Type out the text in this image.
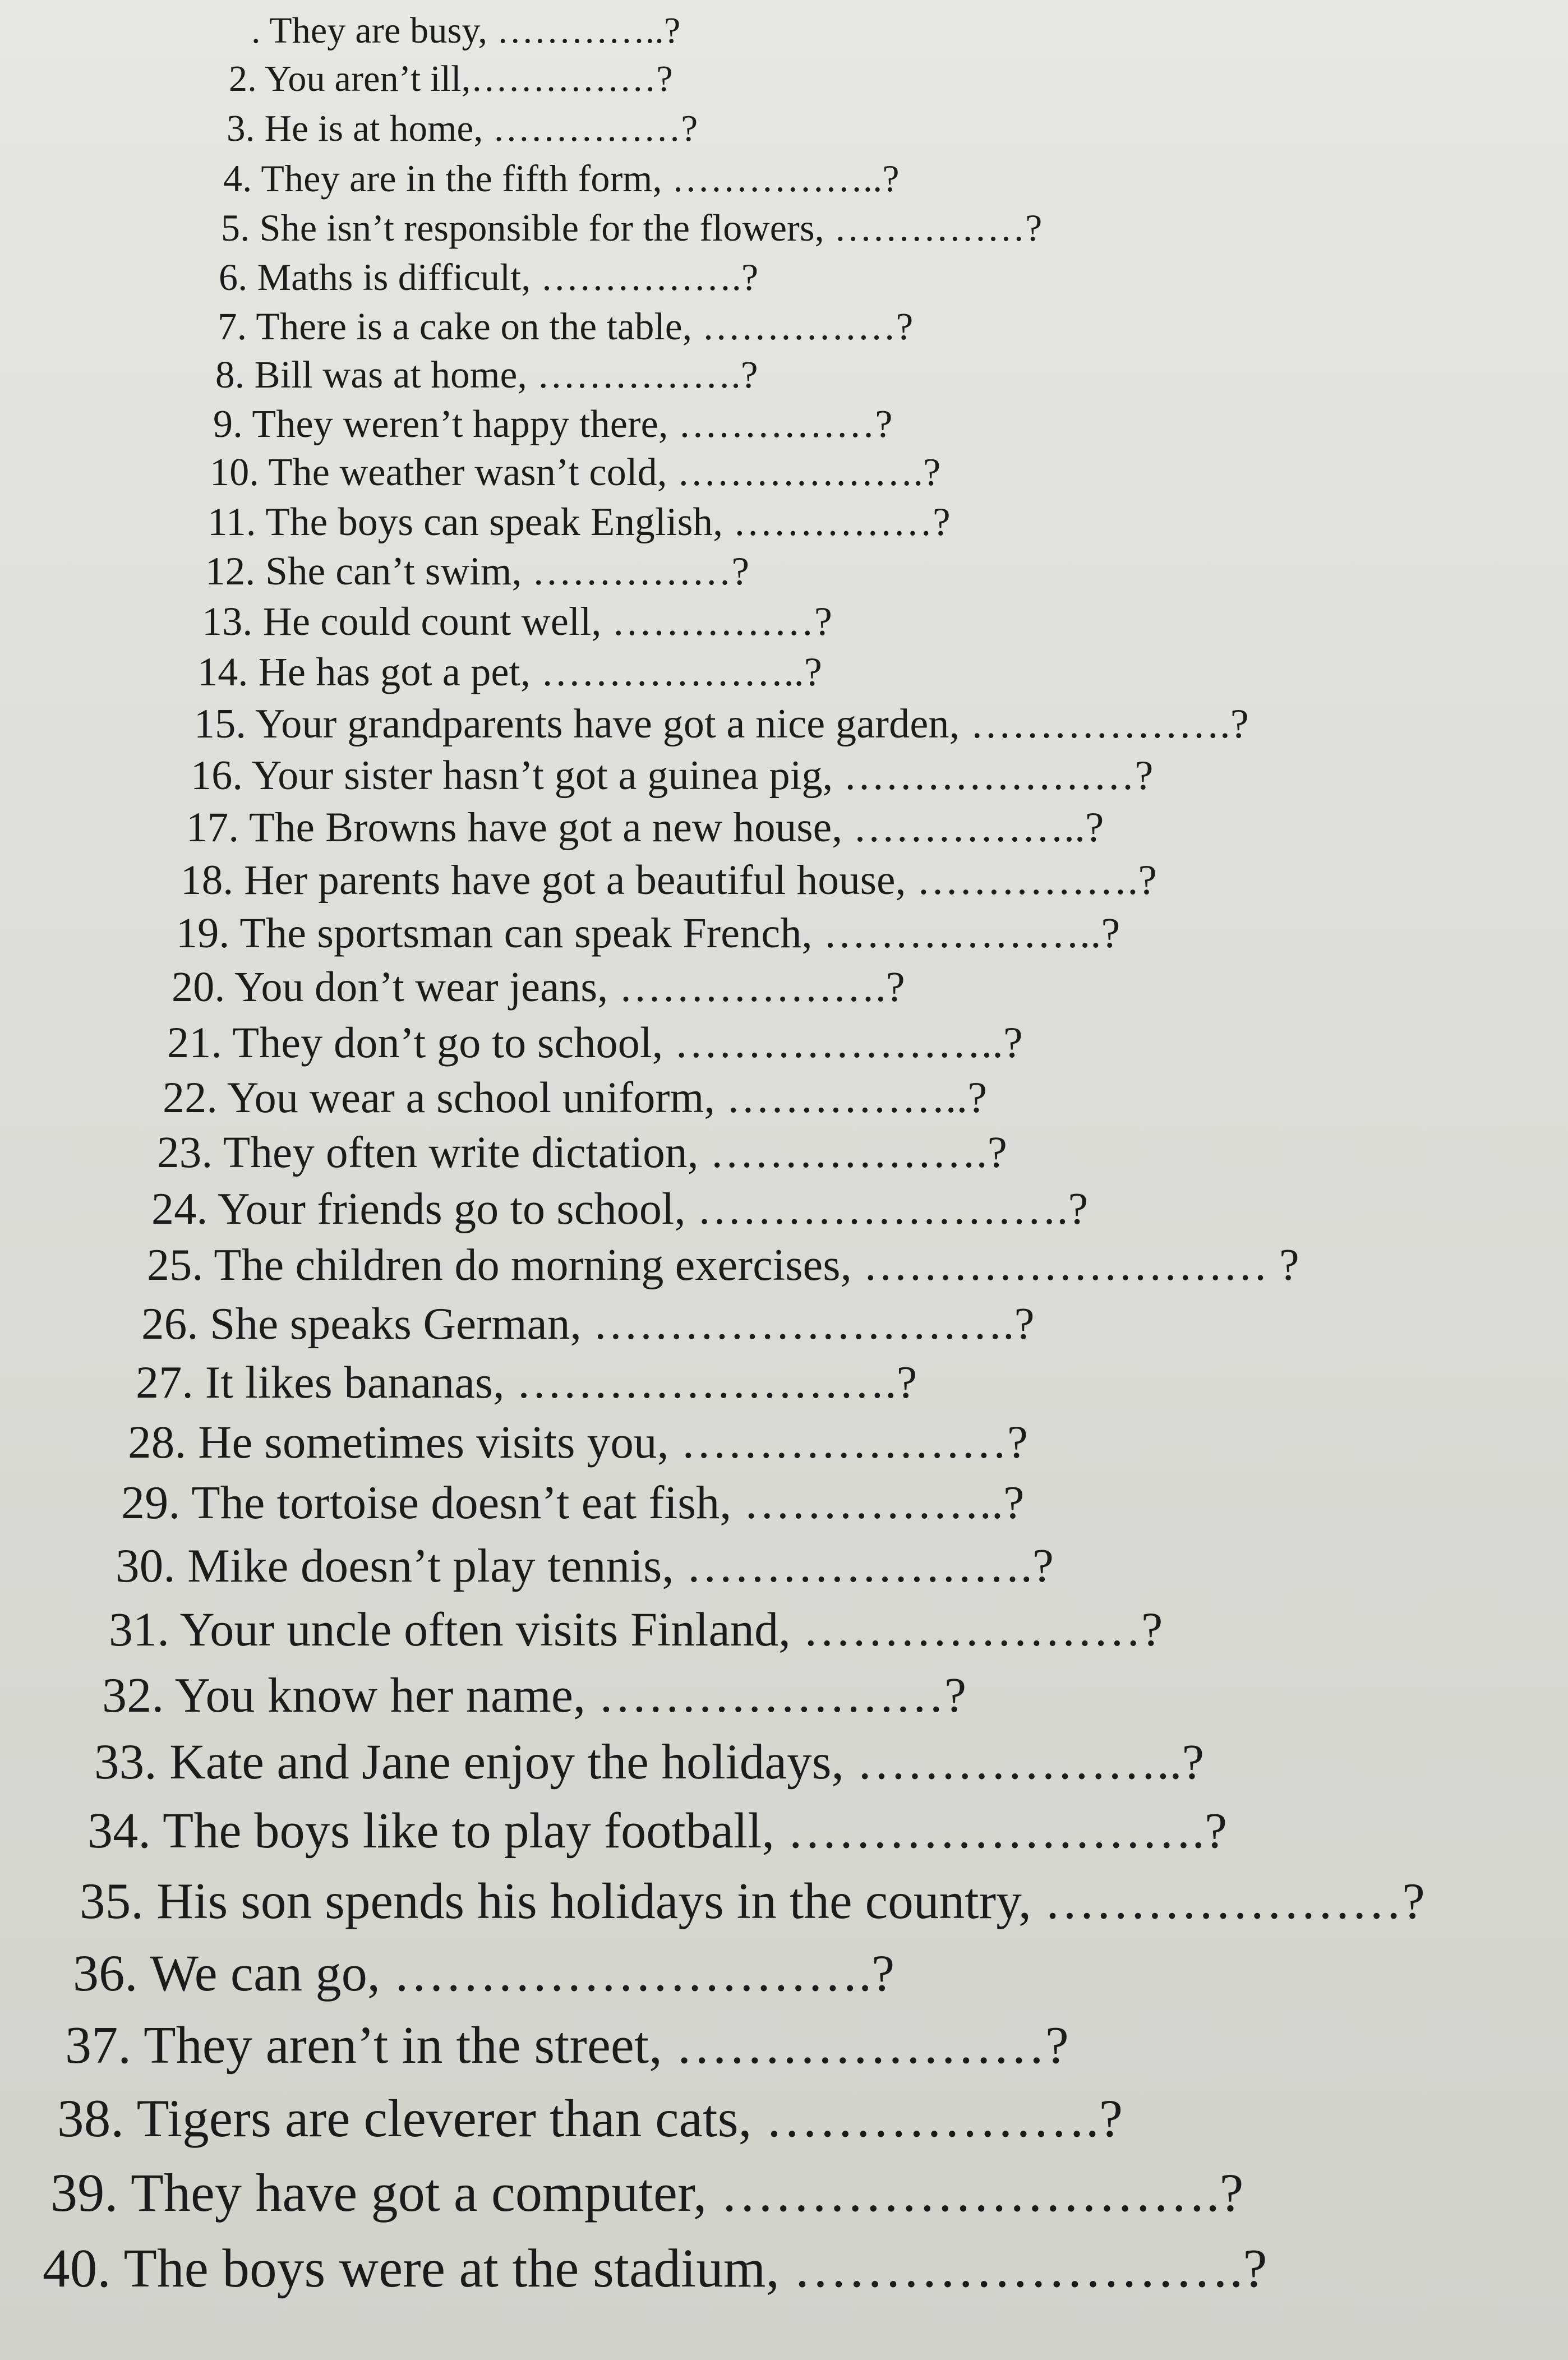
. They are busy, …………..?
2. You aren’t ill,……………?
3. He is at home, ……………?
4. They are in the fifth form, ……………..?
5. She isn’t responsible for the flowers, ……………?
6. Maths is difficult, …………….?
7. There is a cake on the table, ……………?
8. Bill was at home, …………….?
9. They weren’t happy there, ……………?
10. The weather wasn’t cold, ……………….?
11. The boys can speak English, ……………?
12. She can’t swim, ……………?
13. He could count well, ……………?
14. He has got a pet, ………………..?
15. Your grandparents have got a nice garden, ……………….?
16. Your sister hasn’t got a guinea pig, …………………?
17. The Browns have got a new house, ……………..?
18. Her parents have got a beautiful house, …………….?
19. The sportsman can speak French, ………………..?
20. You don’t wear jeans, ……………….?
21. They don’t go to school, …………………..?
22. You wear a school uniform, ……………..?
23. They often write dictation, ……………….?
24. Your friends go to school, …………………….?
25. The children do morning exercises, ……………………… ?
26. She speaks German, ……………………….?
27. It likes bananas, …………………….?
28. He sometimes visits you, …………………?
29. The tortoise doesn’t eat fish, ……………..?
30. Mike doesn’t play tennis, ………………….?
31. Your uncle often visits Finland, …………………?
32. You know her name, …………………?
33. Kate and Jane enjoy the holidays, ………………..?
34. The boys like to play football, …………………….?
35. His son spends his holidays in the country, …………………?
36. We can go, ……………………….?
37. They aren’t in the street, …………………?
38. Tigers are cleverer than cats, ……………….?
39. They have got a computer, ……………………….?
40. The boys were at the stadium, …………………….?
